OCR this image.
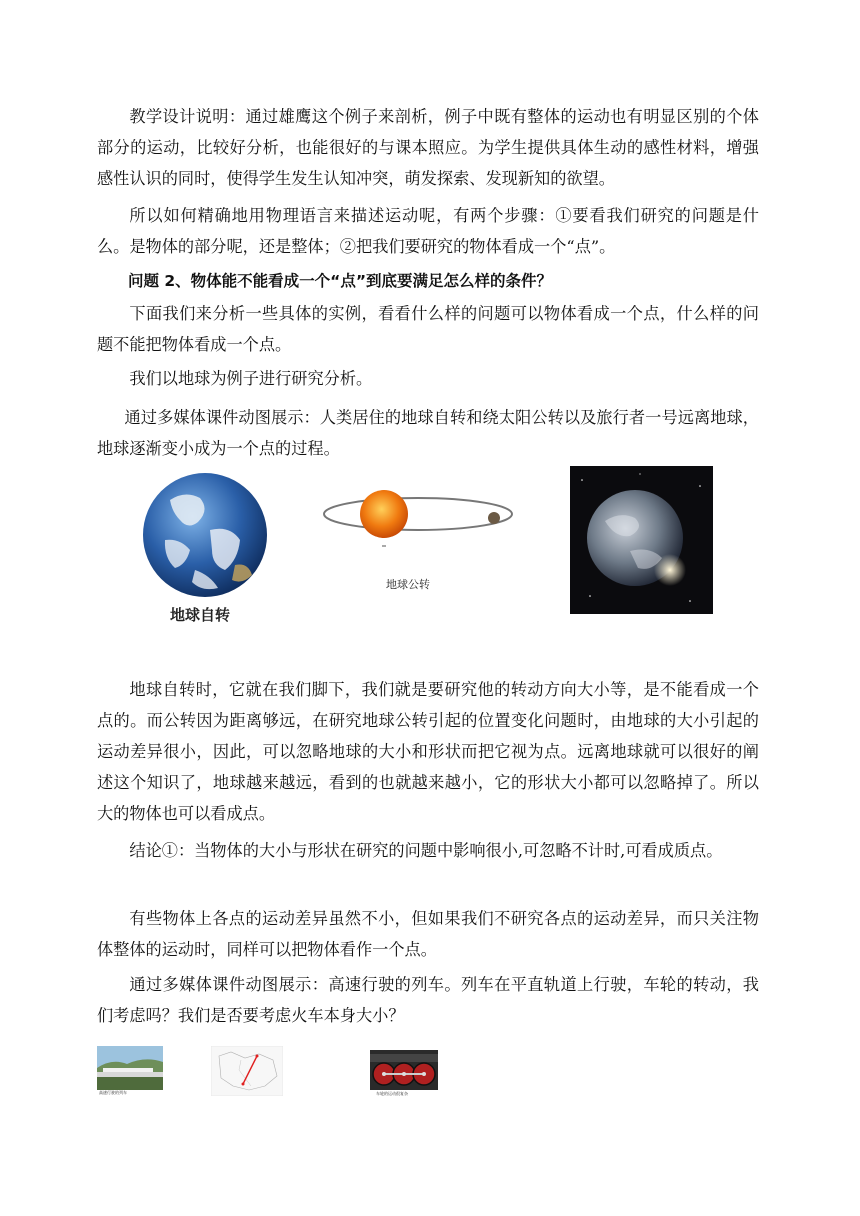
教学设计说明：通过雄鹰这个例子来剖析，例子中既有整体的运动也有明显区别的个体部分的运动，比较好分析，也能很好的与课本照应。为学生提供具体生动的感性材料，增强感性认识的同时，使得学生发生认知冲突，萌发探索、发现新知的欲望。

所以如何精确地用物理语言来描述运动呢，有两个步骤：①要看我们研究的问题是什么。是物体的部分呢，还是整体；②把我们要研究的物体看成一个“点”。

问题 2、物体能不能看成一个“点”到底要满足怎么样的条件？

下面我们来分析一些具体的实例，看看什么样的问题可以物体看成一个点，什么样的问题不能把物体看成一个点。

我们以地球为例子进行研究分析。

通过多媒体课件动图展示：人类居住的地球自转和绕太阳公转以及旅行者一号远离地球，地球逐渐变小成为一个点的过程。

地球自转
地球公转

地球自转时，它就在我们脚下，我们就是要研究他的转动方向大小等，是不能看成一个点的。而公转因为距离够远，在研究地球公转引起的位置变化问题时，由地球的大小引起的运动差异很小，因此，可以忽略地球的大小和形状而把它视为点。远离地球就可以很好的阐述这个知识了，地球越来越远，看到的也就越来越小，它的形状大小都可以忽略掉了。所以大的物体也可以看成点。

结论①：当物体的大小与形状在研究的问题中影响很小,可忽略不计时,可看成质点。

有些物体上各点的运动差异虽然不小，但如果我们不研究各点的运动差异，而只关注物体整体的运动时，同样可以把物体看作一个点。

通过多媒体课件动图展示：高速行驶的列车。列车在平直轨道上行驶，车轮的转动，我们考虑吗？我们是否要考虑火车本身大小？

高速行驶的列车	车轮的运动很复杂
